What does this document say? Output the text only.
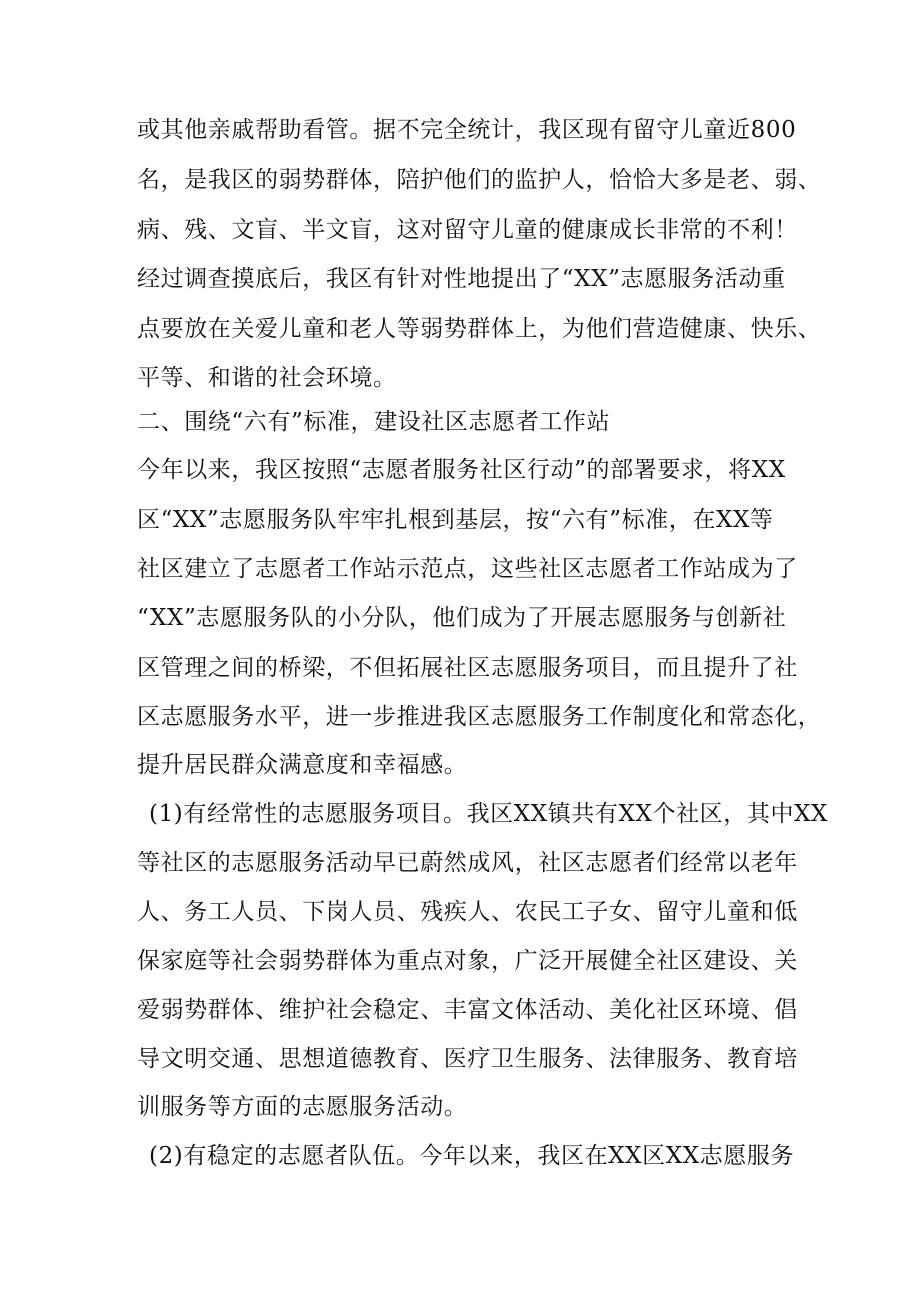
或其他亲戚帮助看管。据不完全统计，我区现有留守儿童近800
名，是我区的弱势群体，陪护他们的监护人，恰恰大多是老、弱、
病、残、文盲、半文盲，这对留守儿童的健康成长非常的不利！
经过调查摸底后，我区有针对性地提出了“XX”志愿服务活动重
点要放在关爱儿童和老人等弱势群体上，为他们营造健康、快乐、
平等、和谐的社会环境。
二、围绕“六有”标准，建设社区志愿者工作站
今年以来，我区按照“志愿者服务社区行动”的部署要求，将XX
区“XX”志愿服务队牢牢扎根到基层，按“六有”标准，在XX等
社区建立了志愿者工作站示范点，这些社区志愿者工作站成为了
“XX”志愿服务队的小分队，他们成为了开展志愿服务与创新社
区管理之间的桥梁，不但拓展社区志愿服务项目，而且提升了社
区志愿服务水平，进一步推进我区志愿服务工作制度化和常态化，
提升居民群众满意度和幸福感。
(1)有经常性的志愿服务项目。我区XX镇共有XX个社区，其中XX
等社区的志愿服务活动早已蔚然成风，社区志愿者们经常以老年
人、务工人员、下岗人员、残疾人、农民工子女、留守儿童和低
保家庭等社会弱势群体为重点对象，广泛开展健全社区建设、关
爱弱势群体、维护社会稳定、丰富文体活动、美化社区环境、倡
导文明交通、思想道德教育、医疗卫生服务、法律服务、教育培
训服务等方面的志愿服务活动。
(2)有稳定的志愿者队伍。今年以来，我区在XX区XX志愿服务
